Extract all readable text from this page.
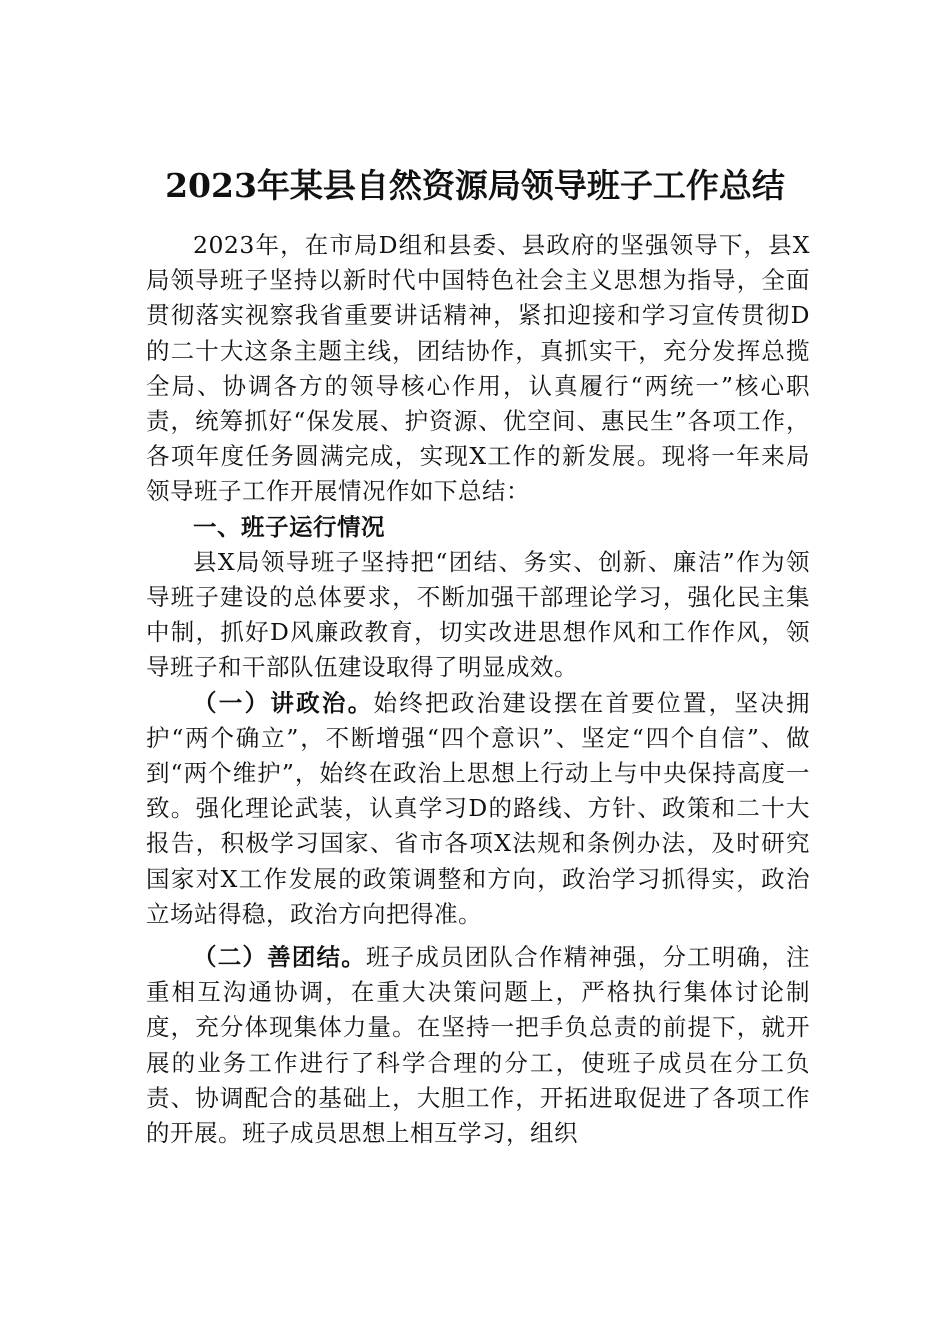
2023年某县自然资源局领导班子工作总结

2023年，在市局D组和县委、县政府的坚强领导下，县X局领导班子坚持以新时代中国特色社会主义思想为指导，全面贯彻落实视察我省重要讲话精神，紧扣迎接和学习宣传贯彻D的二十大这条主题主线，团结协作，真抓实干，充分发挥总揽全局、协调各方的领导核心作用，认真履行“两统一”核心职责，统筹抓好“保发展、护资源、优空间、惠民生”各项工作，各项年度任务圆满完成，实现X工作的新发展。现将一年来局领导班子工作开展情况作如下总结：

一、班子运行情况

县X局领导班子坚持把“团结、务实、创新、廉洁”作为领导班子建设的总体要求，不断加强干部理论学习，强化民主集中制，抓好D风廉政教育，切实改进思想作风和工作作风，领导班子和干部队伍建设取得了明显成效。

（一）讲政治。始终把政治建设摆在首要位置，坚决拥护“两个确立”，不断增强“四个意识”、坚定“四个自信”、做到“两个维护”，始终在政治上思想上行动上与中央保持高度一致。强化理论武装，认真学习D的路线、方针、政策和二十大报告，积极学习国家、省市各项X法规和条例办法，及时研究国家对X工作发展的政策调整和方向，政治学习抓得实，政治立场站得稳，政治方向把得准。

（二）善团结。班子成员团队合作精神强，分工明确，注重相互沟通协调，在重大决策问题上，严格执行集体讨论制度，充分体现集体力量。在坚持一把手负总责的前提下，就开展的业务工作进行了科学合理的分工，使班子成员在分工负责、协调配合的基础上，大胆工作，开拓进取促进了各项工作的开展。班子成员思想上相互学习，组织
